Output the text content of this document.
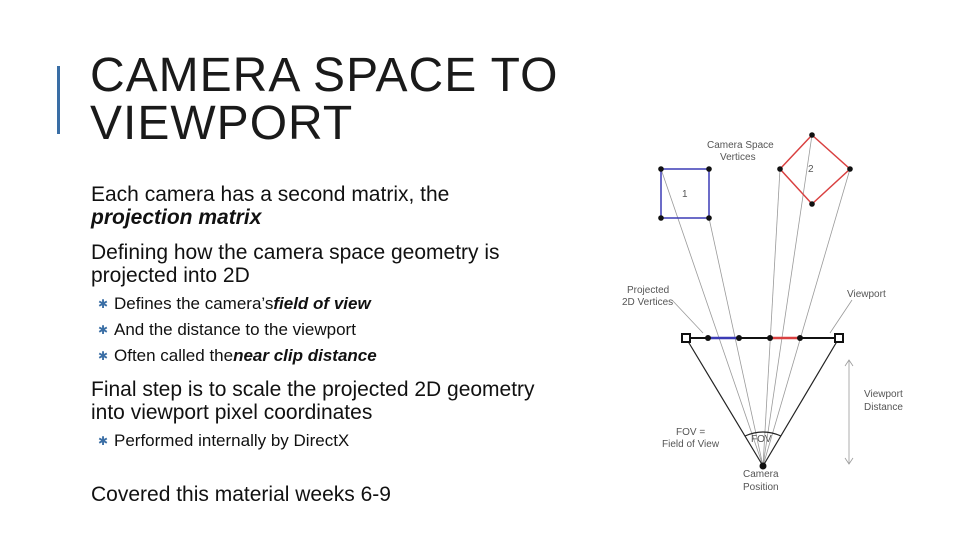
CAMERA SPACE TO
VIEWPORT

Each camera has a second matrix, the
projection matrix

Defining how the camera space geometry is
projected into 2D

✱ Defines the camera’s field of view
✱ And the distance to the viewport
✱ Often called the near clip distance

Final step is to scale the projected 2D geometry
into viewport pixel coordinates

✱ Performed internally by DirectX

Covered this material weeks 6-9

Camera Space
Vertices
1
2
Projected
2D Vertices
Viewport
Viewport
Distance
FOV =
Field of View	FOV
Camera
Position
